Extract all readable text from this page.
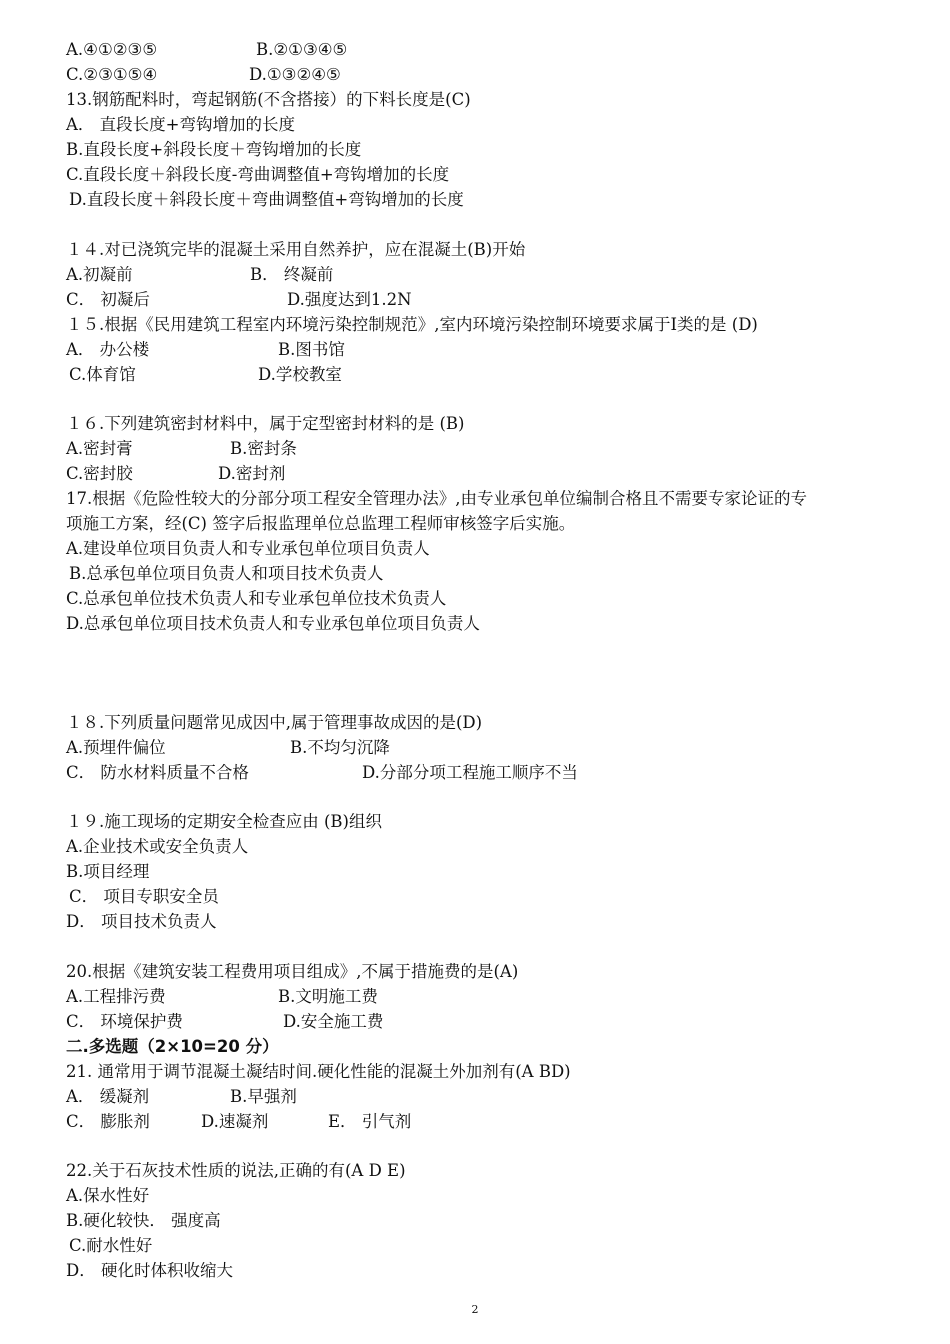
A.④①②③⑤	B.②①③④⑤
C.②③①⑤④	D.①③②④⑤
13.钢筋配料时，弯起钢筋(不含搭接）的下料长度是(C)
A． 直段长度+弯钩增加的长度
B.直段长度+斜段长度＋弯钩增加的长度
C.直段长度＋斜段长度-弯曲调整值+弯钩增加的长度
D.直段长度＋斜段长度＋弯曲调整值+弯钩增加的长度
１４.对已浇筑完毕的混凝土采用自然养护，应在混凝土(B)开始
A.初凝前	B． 终凝前
C． 初凝后	D.强度达到1.2N
１５.根据《民用建筑工程室内环境污染控制规范》,室内环境污染控制环境要求属于Ⅰ类的是 (D)
A． 办公楼	B.图书馆
C.体育馆	D.学校教室
１６.下列建筑密封材料中，属于定型密封材料的是 (B)
A.密封膏	B.密封条
C.密封胶	D.密封剂
17.根据《危险性较大的分部分项工程安全管理办法》,由专业承包单位编制合格且不需要专家论证的专
项施工方案，经(C) 签字后报监理单位总监理工程师审核签字后实施。
A.建设单位项目负责人和专业承包单位项目负责人
B.总承包单位项目负责人和项目技术负责人
C.总承包单位技术负责人和专业承包单位技术负责人
D.总承包单位项目技术负责人和专业承包单位项目负责人
１８.下列质量问题常见成因中,属于管理事故成因的是(D)
A.预埋件偏位	B.不均匀沉降
C． 防水材料质量不合格	D.分部分项工程施工顺序不当
１９.施工现场的定期安全检查应由 (B)组织
A.企业技术或安全负责人
B.项目经理
C． 项目专职安全员
D． 项目技术负责人
20.根据《建筑安装工程费用项目组成》,不属于措施费的是(A)
A.工程排污费	B.文明施工费
C． 环境保护费	D.安全施工费
二.多选题（2×10=20 分）
21. 通常用于调节混凝土凝结时间.硬化性能的混凝土外加剂有(A BD)
A． 缓凝剂	B.早强剂
C． 膨胀剂	D.速凝剂	E． 引气剂
22.关于石灰技术性质的说法,正确的有(A D E)
A.保水性好
B.硬化较快． 强度高
C.耐水性好
D． 硬化时体积收缩大
2
